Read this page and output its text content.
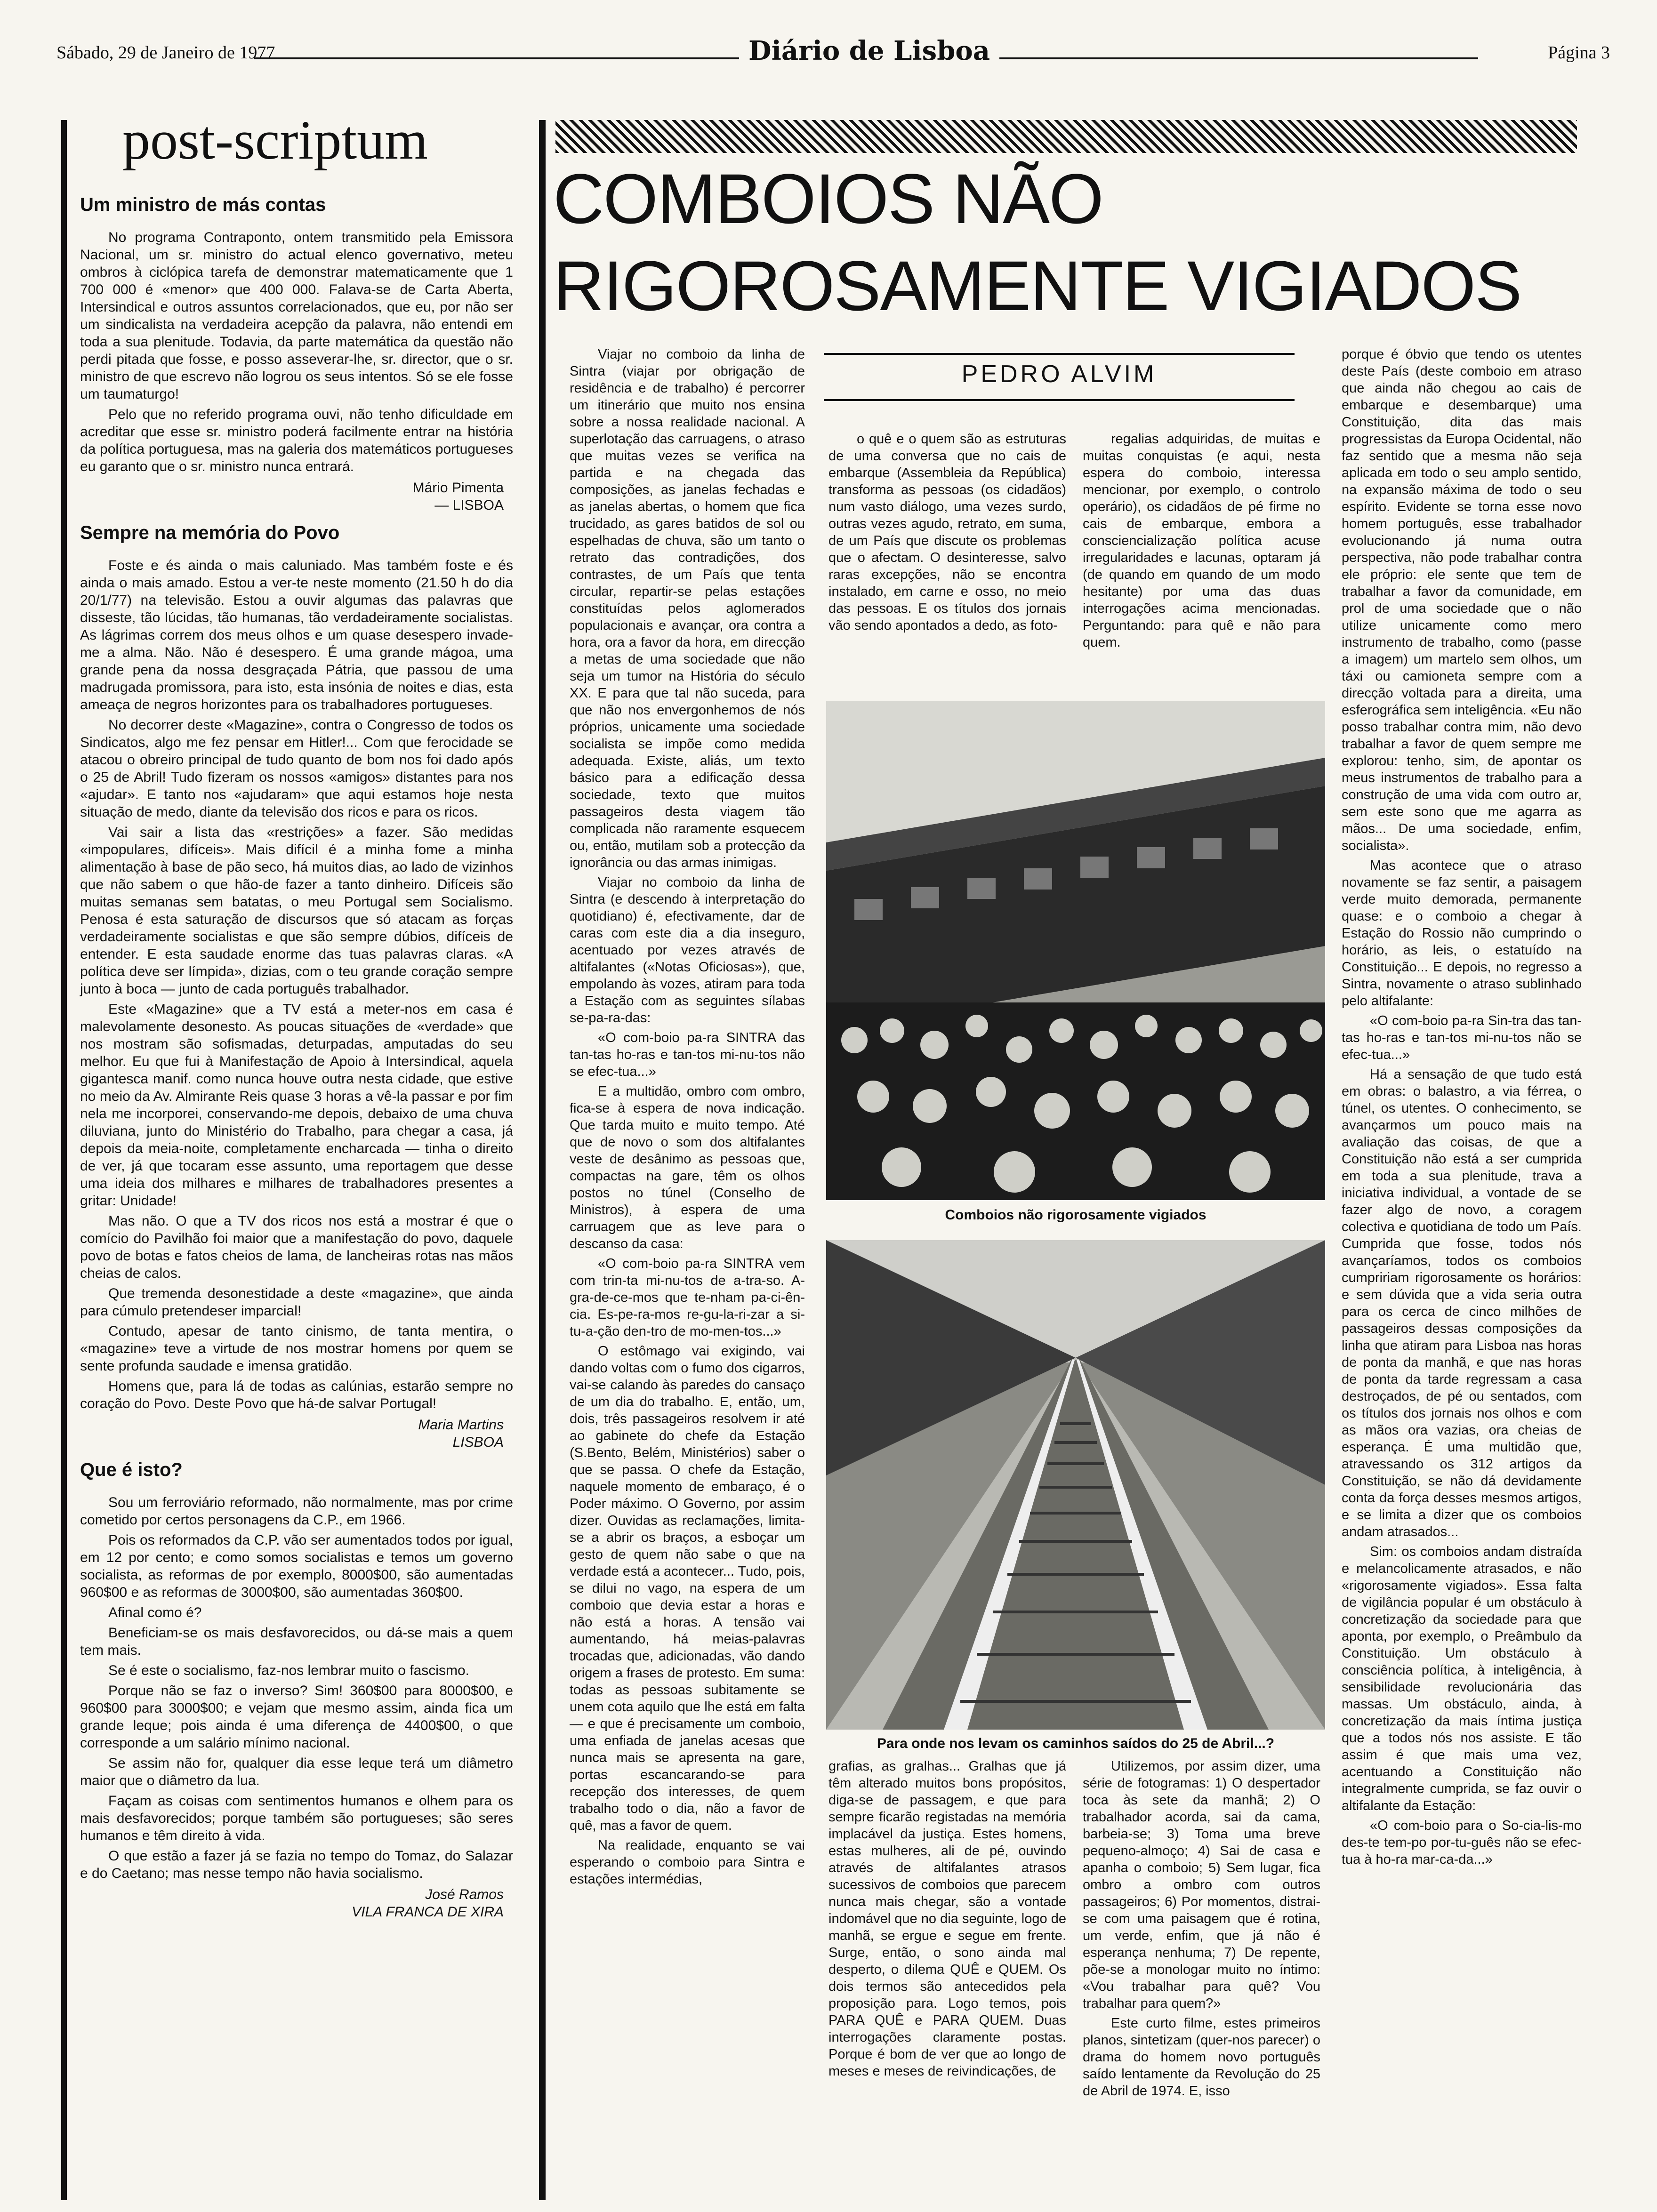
Sábado, 29 de Janeiro de 1977	Diário de Lisboa	Página 3
post-scriptum
Um ministro de más contas

No programa Contraponto, ontem transmitido pela Emissora Nacional, um sr. ministro do actual elenco governativo, meteu ombros à ciclópica tarefa de demonstrar matematicamente que 1 700 000 é «menor» que 400 000. Falava-se de Carta Aberta, Intersindical e outros assuntos correlacionados, que eu, por não ser um sindicalista na verdadeira acepção da palavra, não entendi em toda a sua plenitude. Todavia, da parte matemática da questão não perdi pitada que fosse, e posso asseverar-lhe, sr. director, que o sr. ministro de que escrevo não logrou os seus intentos. Só se ele fosse um taumaturgo!

Pelo que no referido programa ouvi, não tenho dificuldade em acreditar que esse sr. ministro poderá facilmente entrar na história da política portuguesa, mas na galeria dos matemáticos portugueses eu garanto que o sr. ministro nunca entrará.

Mário Pimenta
— LISBOA
Sempre na memória do Povo

Foste e és ainda o mais caluniado. Mas também foste e és ainda o mais amado. Estou a ver-te neste momento (21.50 h do dia 20/1/77) na televisão. Estou a ouvir algumas das palavras que disseste, tão lúcidas, tão humanas, tão verdadeiramente socialistas. As lágrimas correm dos meus olhos e um quase desespero invade-me a alma. Não. Não é desespero. É uma grande mágoa, uma grande pena da nossa desgraçada Pátria, que passou de uma madrugada promissora, para isto, esta insónia de noites e dias, esta ameaça de negros horizontes para os trabalhadores portugueses.

No decorrer deste «Magazine», contra o Congresso de todos os Sindicatos, algo me fez pensar em Hitler!... Com que ferocidade se atacou o obreiro principal de tudo quanto de bom nos foi dado após o 25 de Abril! Tudo fizeram os nossos «amigos» distantes para nos «ajudar». E tanto nos «ajudaram» que aqui estamos hoje nesta situação de medo, diante da televisão dos ricos e para os ricos.

Vai sair a lista das «restrições» a fazer. São medidas «impopulares, difíceis». Mais difícil é a minha fome a minha alimentação à base de pão seco, há muitos dias, ao lado de vizinhos que não sabem o que hão-de fazer a tanto dinheiro. Difíceis são muitas semanas sem batatas, o meu Portugal sem Socialismo. Penosa é esta saturação de discursos que só atacam as forças verdadeiramente socialistas e que são sempre dúbios, difíceis de entender. E esta saudade enorme das tuas palavras claras. «A política deve ser límpida», dizias, com o teu grande coração sempre junto à boca — junto de cada português trabalhador.

Este «Magazine» que a TV está a meter-nos em casa é malevolamente desonesto. As poucas situações de «verdade» que nos mostram são sofismadas, deturpadas, amputadas do seu melhor. Eu que fui à Manifestação de Apoio à Intersindical, aquela gigantesca manif. como nunca houve outra nesta cidade, que estive no meio da Av. Almirante Reis quase 3 horas a vê-la passar e por fim nela me incorporei, conservando-me depois, debaixo de uma chuva diluviana, junto do Ministério do Trabalho, para chegar a casa, já depois da meia-noite, completamente encharcada — tinha o direito de ver, já que tocaram esse assunto, uma reportagem que desse uma ideia dos milhares e milhares de trabalhadores presentes a gritar: Unidade!

Mas não. O que a TV dos ricos nos está a mostrar é que o comício do Pavilhão foi maior que a manifestação do povo, daquele povo de botas e fatos cheios de lama, de lancheiras rotas nas mãos cheias de calos.

Que tremenda desonestidade a deste «magazine», que ainda para cúmulo pretendeser imparcial!

Contudo, apesar de tanto cinismo, de tanta mentira, o «magazine» teve a virtude de nos mostrar homens por quem se sente profunda saudade e imensa gratidão.

Homens que, para lá de todas as calúnias, estarão sempre no coração do Povo. Deste Povo que há-de salvar Portugal!

Maria Martins
LISBOA
Que é isto?

Sou um ferroviário reformado, não normalmente, mas por crime cometido por certos personagens da C.P., em 1966.

Pois os reformados da C.P. vão ser aumentados todos por igual, em 12 por cento; e como somos socialistas e temos um governo socialista, as reformas de por exemplo, 8000$00, são aumentadas 960$00 e as reformas de 3000$00, são aumentadas 360$00.

Afinal como é?

Beneficiam-se os mais desfavorecidos, ou dá-se mais a quem tem mais.

Se é este o socialismo, faz-nos lembrar muito o fascismo.

Porque não se faz o inverso? Sim! 360$00 para 8000$00, e 960$00 para 3000$00; e vejam que mesmo assim, ainda fica um grande leque; pois ainda é uma diferença de 4400$00, o que corresponde a um salário mínimo nacional.

Se assim não for, qualquer dia esse leque terá um diâmetro maior que o diâmetro da lua.

Façam as coisas com sentimentos humanos e olhem para os mais desfavorecidos; porque também são portugueses; são seres humanos e têm direito à vida.

O que estão a fazer já se fazia no tempo do Tomaz, do Salazar e do Caetano; mas nesse tempo não havia socialismo.

José Ramos
VILA FRANCA DE XIRA
COMBOIOS NÃO RIGOROSAMENTE VIGIADOS
PEDRO ALVIM

Viajar no comboio da linha de Sintra (viajar por obrigação de residência e de trabalho) é percorrer um itinerário que muito nos ensina sobre a nossa realidade nacional. A superlotação das carruagens, o atraso que muitas vezes se verifica na partida e na chegada das composições, as janelas fechadas e as janelas abertas, o homem que fica trucidado, as gares batidos de sol ou espelhadas de chuva, são um tanto o retrato das contradições, dos contrastes, de um País que tenta circular, repartir-se pelas estações constituídas pelos aglomerados populacionais e avançar, ora contra a hora, ora a favor da hora, em direcção a metas de uma sociedade que não seja um tumor na História do século XX. E para que tal não suceda, para que não nos envergonhemos de nós próprios, unicamente uma sociedade socialista se impõe como medida adequada. Existe, aliás, um texto básico para a edificação dessa sociedade, texto que muitos passageiros desta viagem tão complicada não raramente esquecem ou, então, mutilam sob a protecção da ignorância ou das armas inimigas.

Viajar no comboio da linha de Sintra (e descendo à interpretação do quotidiano) é, efectivamente, dar de caras com este dia a dia inseguro, acentuado por vezes através de altifalantes («Notas Oficiosas»), que, empolando às vozes, atiram para toda a Estação com as seguintes sílabas se-pa-ra-das:

«O com-boio pa-ra SINTRA das tan-tas ho-ras e tan-tos mi-nu-tos não se efec-tua...»

E a multidão, ombro com ombro, fica-se à espera de nova indicação. Que tarda muito e muito tempo. Até que de novo o som dos altifalantes veste de desânimo as pessoas que, compactas na gare, têm os olhos postos no túnel (Conselho de Ministros), à espera de uma carruagem que as leve para o descanso da casa:

«O com-boio pa-ra SINTRA vem com trin-ta mi-nu-tos de a-tra-so. A-gra-de-ce-mos que te-nham pa-ci-ên-cia. Es-pe-ra-mos re-gu-la-ri-zar a si-tu-a-ção den-tro de mo-men-tos...»

O estômago vai exigindo, vai dando voltas com o fumo dos cigarros, vai-se calando às paredes do cansaço de um dia do trabalho. E, então, um, dois, três passageiros resolvem ir até ao gabinete do chefe da Estação (S.Bento, Belém, Ministérios) saber o que se passa. O chefe da Estação, naquele momento de embaraço, é o Poder máximo. O Governo, por assim dizer. Ouvidas as reclamações, limita-se a abrir os braços, a esboçar um gesto de quem não sabe o que na verdade está a acontecer... Tudo, pois, se dilui no vago, na espera de um comboio que devia estar a horas e não está a horas. A tensão vai aumentando, há meias-palavras trocadas que, adicionadas, vão dando origem a frases de protesto. Em suma: todas as pessoas subitamente se unem cota aquilo que lhe está em falta — e que é precisamente um comboio, uma enfiada de janelas acesas que nunca mais se apresenta na gare, portas escancarando-se para recepção dos interesses, de quem trabalho todo o dia, não a favor de quê, mas a favor de quem.

Na realidade, enquanto se vai esperando o comboio para Sintra e estações intermédias,

o quê e o quem são as estruturas de uma conversa que no cais de embarque (Assembleia da República) transforma as pessoas (os cidadãos) num vasto diálogo, uma vezes surdo, outras vezes agudo, retrato, em suma, de um País que discute os problemas que o afectam. O desinteresse, salvo raras excepções, não se encontra instalado, em carne e osso, no meio das pessoas. E os títulos dos jornais vão sendo apontados a dedo, as foto-

regalias adquiridas, de muitas e muitas conquistas (e aqui, nesta espera do comboio, interessa mencionar, por exemplo, o controlo operário), os cidadãos de pé firme no cais de embarque, embora a consciencialização política acuse irregularidades e lacunas, optaram já (de quando em quando de um modo hesitante) por uma das duas interrogações acima mencionadas. Perguntando: para quê e não para quem.

Comboios não rigorosamente vigiados
Para onde nos levam os caminhos saídos do 25 de Abril...?

grafias, as gralhas... Gralhas que já têm alterado muitos bons propósitos, diga-se de passagem, e que para sempre ficarão registadas na memória implacável da justiça. Estes homens, estas mulheres, ali de pé, ouvindo através de altifalantes atrasos sucessivos de comboios que parecem nunca mais chegar, são a vontade indomável que no dia seguinte, logo de manhã, se ergue e segue em frente. Surge, então, o sono ainda mal desperto, o dilema QUÊ e QUEM. Os dois termos são antecedidos pela proposição para. Logo temos, pois PARA QUÊ e PARA QUEM. Duas interrogações claramente postas. Porque é bom de ver que ao longo de meses e meses de reivindicações, de

Utilizemos, por assim dizer, uma série de fotogramas: 1) O despertador toca às sete da manhã; 2) O trabalhador acorda, sai da cama, barbeia-se; 3) Toma uma breve pequeno-almoço; 4) Sai de casa e apanha o comboio; 5) Sem lugar, fica ombro a ombro com outros passageiros; 6) Por momentos, distrai-se com uma paisagem que é rotina, um verde, enfim, que já não é esperança nenhuma; 7) De repente, põe-se a monologar muito no íntimo: «Vou trabalhar para quê? Vou trabalhar para quem?»

Este curto filme, estes primeiros planos, sintetizam (quer-nos parecer) o drama do homem novo português saído lentamente da Revolução do 25 de Abril de 1974. E, isso

porque é óbvio que tendo os utentes deste País (deste comboio em atraso que ainda não chegou ao cais de embarque e desembarque) uma Constituição, dita das mais progressistas da Europa Ocidental, não faz sentido que a mesma não seja aplicada em todo o seu amplo sentido, na expansão máxima de todo o seu espírito. Evidente se torna esse novo homem português, esse trabalhador evolucionando já numa outra perspectiva, não pode trabalhar contra ele próprio: ele sente que tem de trabalhar a favor da comunidade, em prol de uma sociedade que o não utilize unicamente como mero instrumento de trabalho, como (passe a imagem) um martelo sem olhos, um táxi ou camioneta sempre com a direcção voltada para a direita, uma esferográfica sem inteligência. «Eu não posso trabalhar contra mim, não devo trabalhar a favor de quem sempre me explorou: tenho, sim, de apontar os meus instrumentos de trabalho para a construção de uma vida com outro ar, sem este sono que me agarra as mãos... De uma sociedade, enfim, socialista».

Mas acontece que o atraso novamente se faz sentir, a paisagem verde muito demorada, permanente quase: e o comboio a chegar à Estação do Rossio não cumprindo o horário, as leis, o estatuído na Constituição... E depois, no regresso a Sintra, novamente o atraso sublinhado pelo altifalante:

«O com-boio pa-ra Sin-tra das tan-tas ho-ras e tan-tos mi-nu-tos não se efec-tua...»

Há a sensação de que tudo está em obras: o balastro, a via férrea, o túnel, os utentes. O conhecimento, se avançarmos um pouco mais na avaliação das coisas, de que a Constituição não está a ser cumprida em toda a sua plenitude, trava a iniciativa individual, a vontade de se fazer algo de novo, a coragem colectiva e quotidiana de todo um País. Cumprida que fosse, todos nós avançaríamos, todos os comboios cumpririam rigorosamente os horários: e sem dúvida que a vida seria outra para os cerca de cinco milhões de passageiros dessas composições da linha que atiram para Lisboa nas horas de ponta da manhã, e que nas horas de ponta da tarde regressam a casa destroçados, de pé ou sentados, com os títulos dos jornais nos olhos e com as mãos ora vazias, ora cheias de esperança. É uma multidão que, atravessando os 312 artigos da Constituição, se não dá devidamente conta da força desses mesmos artigos, e se limita a dizer que os comboios andam atrasados...

Sim: os comboios andam distraída e melancolicamente atrasados, e não «rigorosamente vigiados». Essa falta de vigilância popular é um obstáculo à concretização da sociedade para que aponta, por exemplo, o Preâmbulo da Constituição. Um obstáculo à consciência política, à inteligência, à sensibilidade revolucionária das massas. Um obstáculo, ainda, à concretização da mais íntima justiça que a todos nós nos assiste. E tão assim é que mais uma vez, acentuando a Constituição não integralmente cumprida, se faz ouvir o altifalante da Estação:

«O com-boio para o So-cia-lis-mo des-te tem-po por-tu-guês não se efec-tua à ho-ra mar-ca-da...»
